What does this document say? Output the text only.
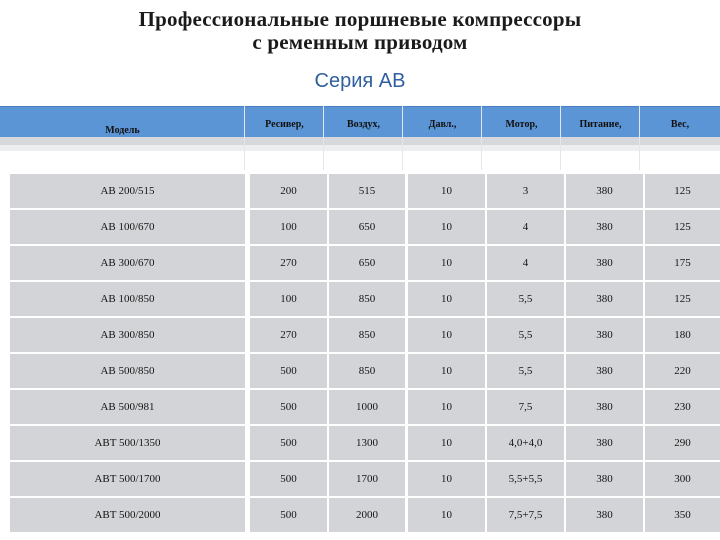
Профессиональные поршневые компрессоры
с ременным приводом
Серия АВ
Модель
Ресивер,	Воздух,	Давл.,	Мотор,	Питание,	Вес,
AB 200/515	200	515	10	3	380	125
AB 100/670	100	650	10	4	380	125
AB 300/670	270	650	10	4	380	175
AB 100/850	100	850	10	5,5	380	125
AB 300/850	270	850	10	5,5	380	180
AB 500/850	500	850	10	5,5	380	220
AB 500/981	500	1000	10	7,5	380	230
ABT 500/1350	500	1300	10	4,0+4,0	380	290
ABT 500/1700	500	1700	10	5,5+5,5	380	300
ABT 500/2000	500	2000	10	7,5+7,5	380	350
